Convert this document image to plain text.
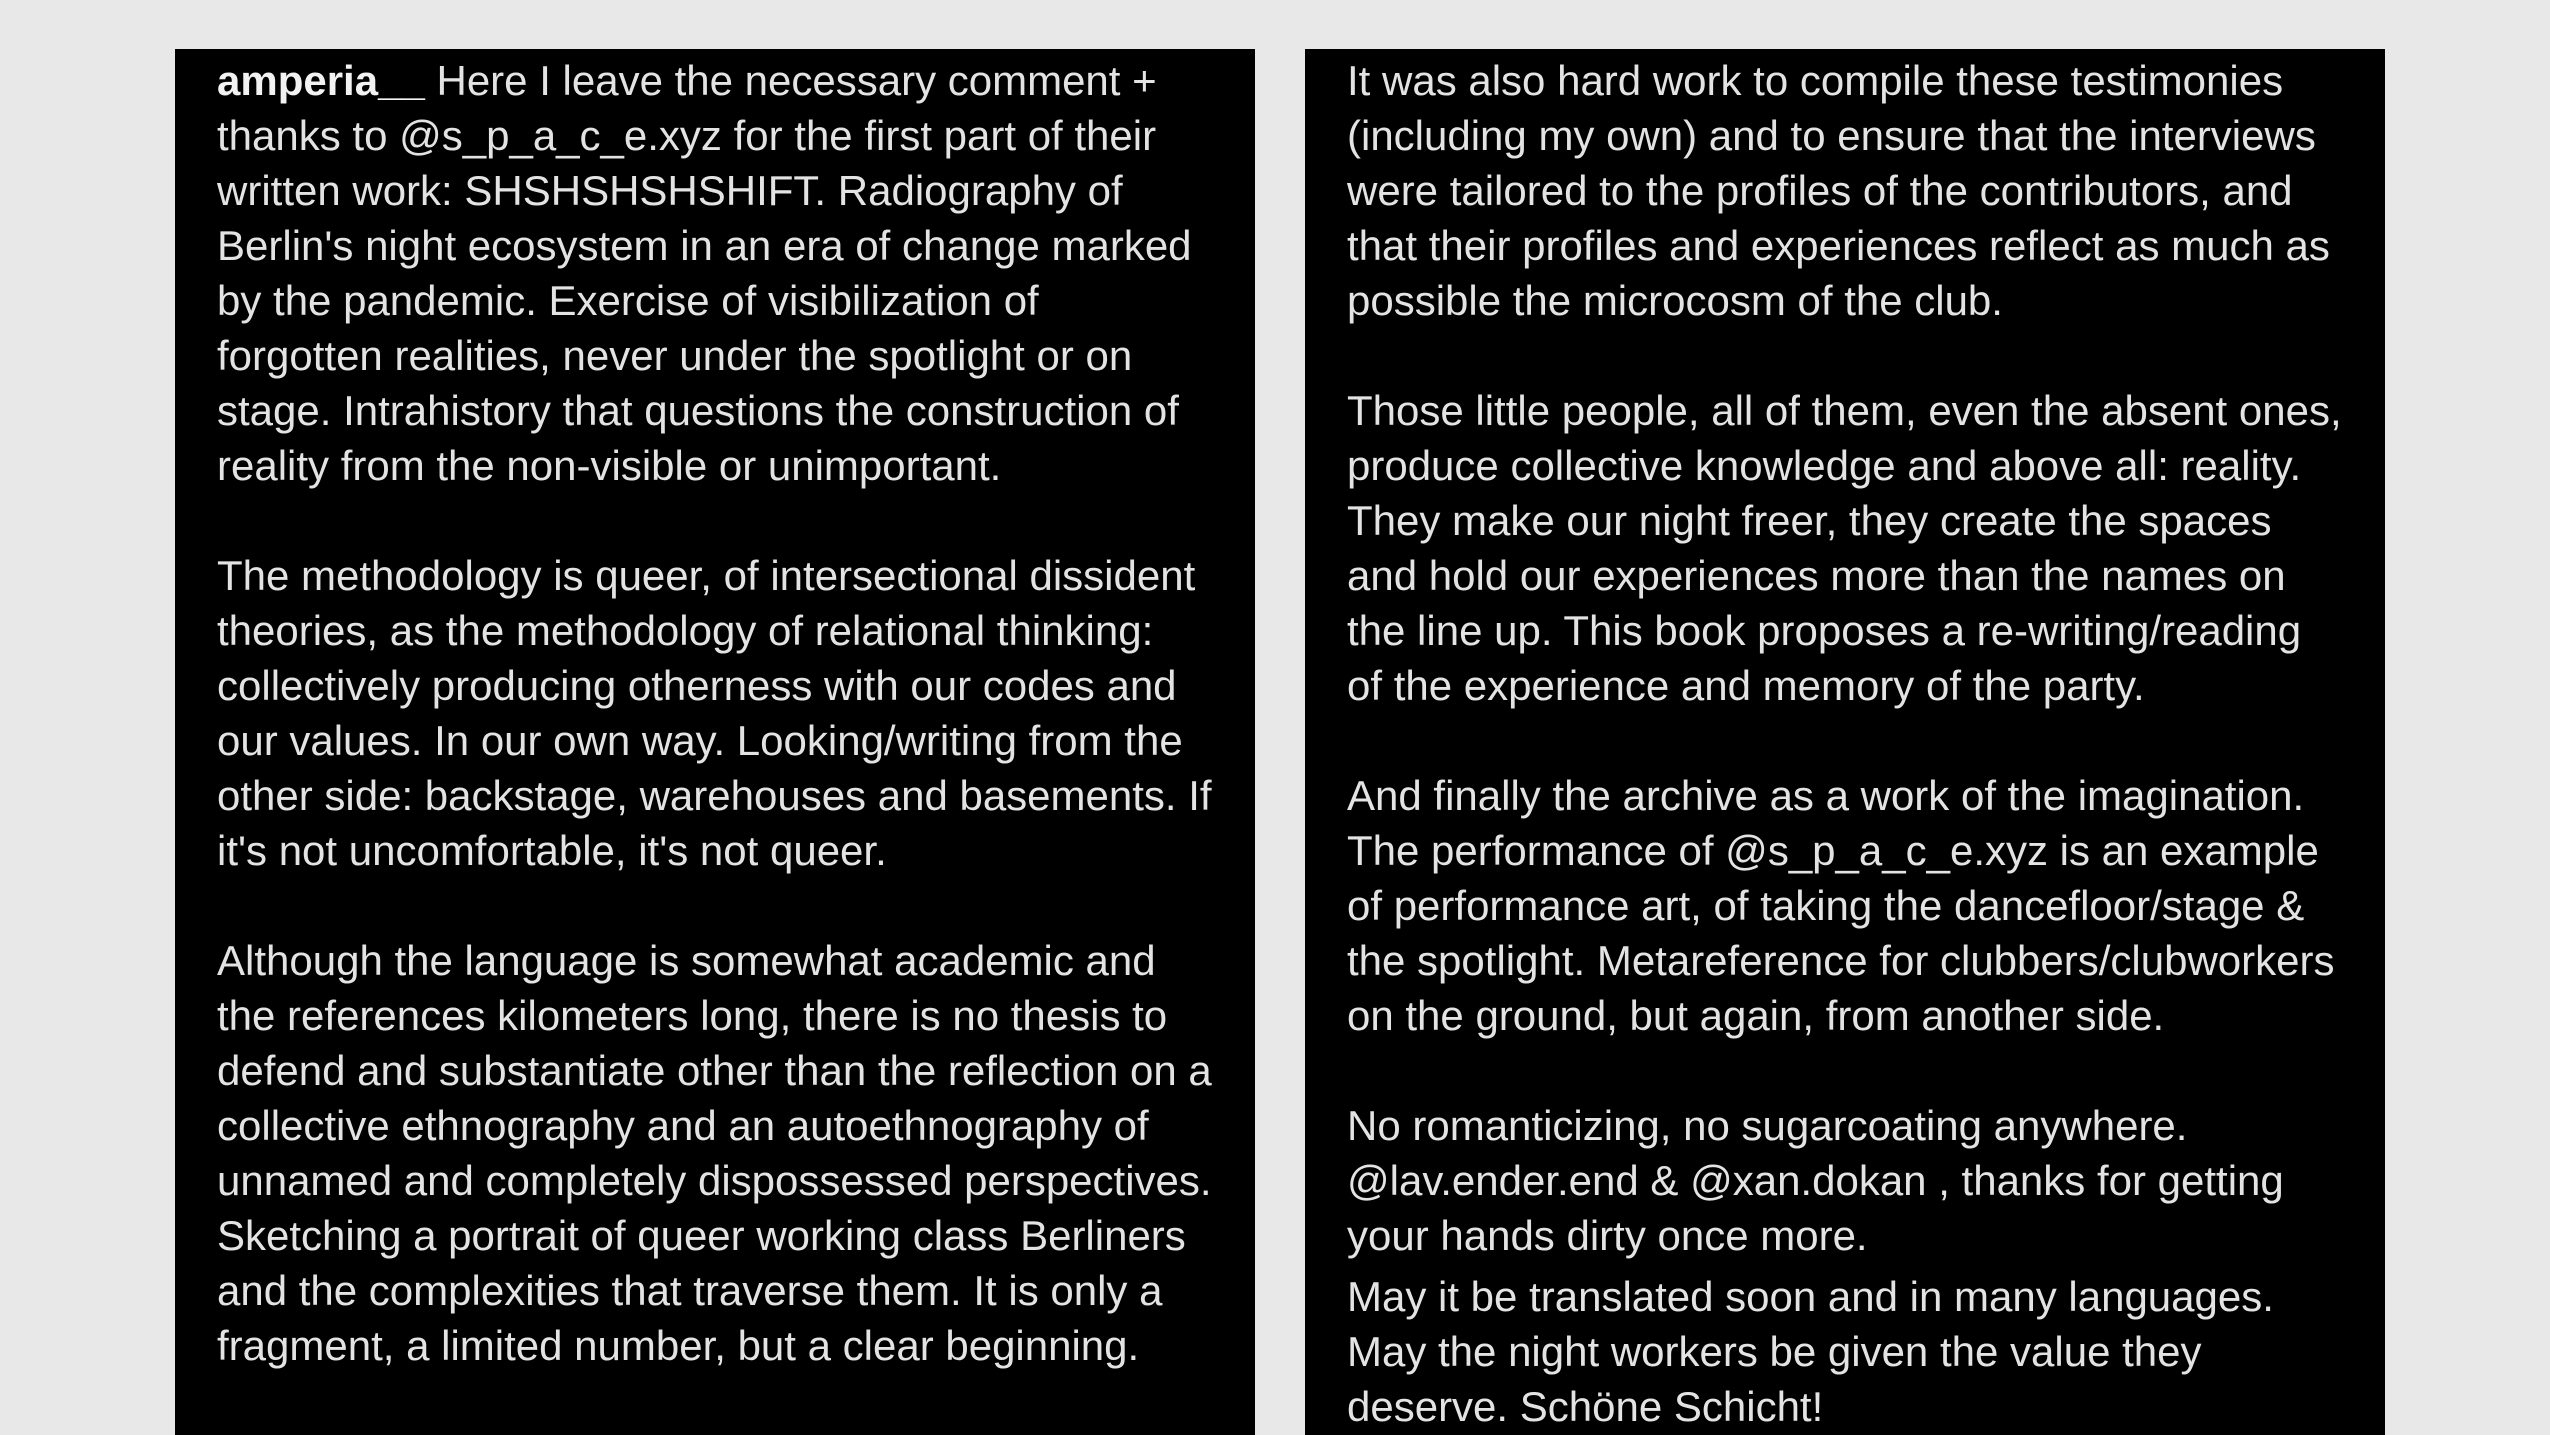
amperia__ Here I leave the necessary comment + thanks to @s_p_a_c_e.xyz for the first part of their written work: SHSHSHSHSHIFT. Radiography of Berlin's night ecosystem in an era of change marked by the pandemic. Exercise of visibilization of forgotten realities, never under the spotlight or on stage. Intrahistory that questions the construction of reality from the non-visible or unimportant.

The methodology is queer, of intersectional dissident theories, as the methodology of relational thinking: collectively producing otherness with our codes and our values. In our own way. Looking/writing from the other side: backstage, warehouses and basements. If it's not uncomfortable, it's not queer.

Although the language is somewhat academic and the references kilometers long, there is no thesis to defend and substantiate other than the reflection on a collective ethnography and an autoethnography of unnamed and completely dispossessed perspectives. Sketching a portrait of queer working class Berliners and the complexities that traverse them. It is only a fragment, a limited number, but a clear beginning.

It was also hard work to compile these testimonies (including my own) and to ensure that the interviews were tailored to the profiles of the contributors, and that their profiles and experiences reflect as much as possible the microcosm of the club.

Those little people, all of them, even the absent ones, produce collective knowledge and above all: reality. They make our night freer, they create the spaces and hold our experiences more than the names on the line up. This book proposes a re-writing/reading of the experience and memory of the party.

And finally the archive as a work of the imagination. The performance of @s_p_a_c_e.xyz is an example of performance art, of taking the dancefloor/stage & the spotlight. Metareference for clubbers/clubworkers on the ground, but again, from another side.

No romanticizing, no sugarcoating anywhere. @lav.ender.end & @xan.dokan , thanks for getting your hands dirty once more.

May it be translated soon and in many languages. May the night workers be given the value they deserve. Schöne Schicht!
